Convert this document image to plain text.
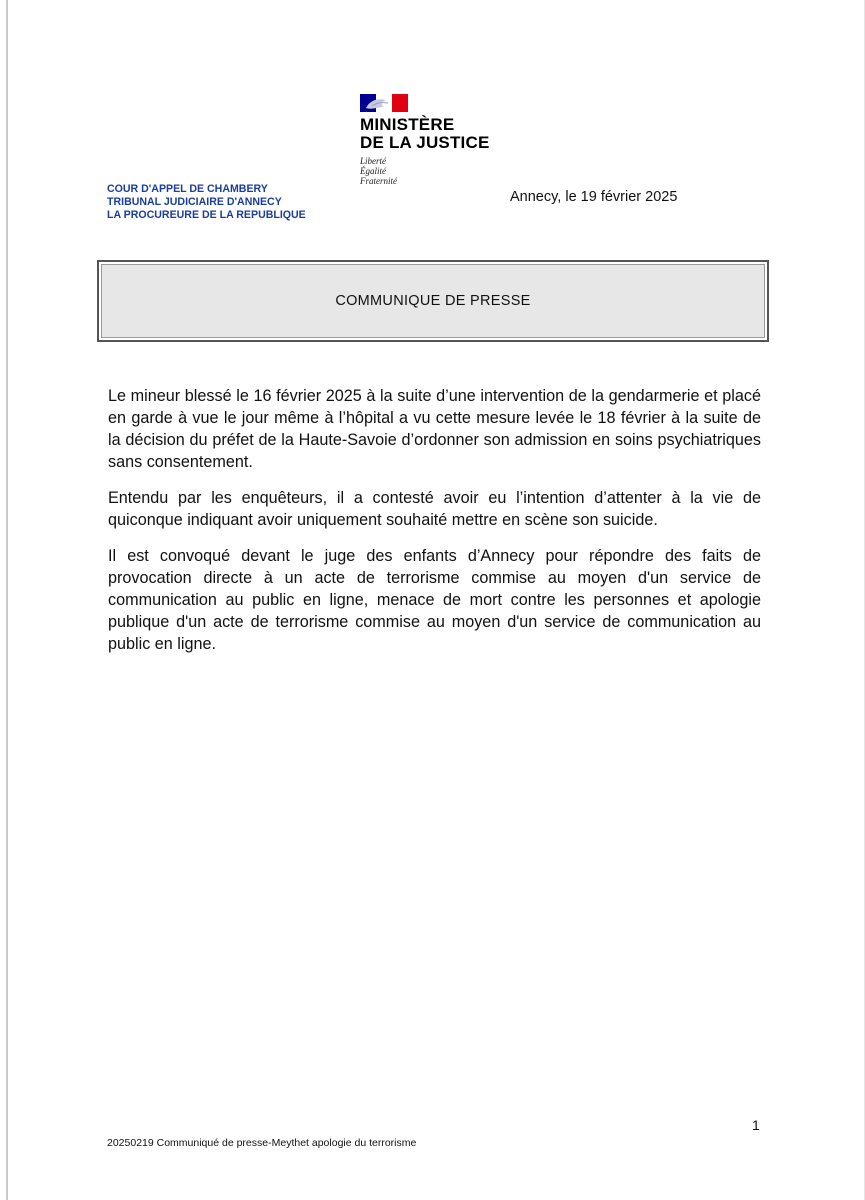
MINISTÈRE
DE LA JUSTICE
Liberté
Égalité
Fraternité
COUR D'APPEL DE CHAMBERY
TRIBUNAL JUDICIAIRE D'ANNECY
LA PROCUREURE DE LA REPUBLIQUE
Annecy, le 19 février 2025
COMMUNIQUE DE PRESSE

Le mineur blessé le 16 février 2025 à la suite d’une intervention de la gendarmerie et placé en garde à vue le jour même à l’hôpital a vu cette mesure levée le 18 février à la suite de la décision du préfet de la Haute-Savoie d’ordonner son admission en soins psychiatriques sans consentement.

Entendu par les enquêteurs, il a contesté avoir eu l’intention d’attenter à la vie de quiconque indiquant avoir uniquement souhaité mettre en scène son suicide.

Il est convoqué devant le juge des enfants d’Annecy pour répondre des faits de provocation directe à un acte de terrorisme commise au moyen d'un service de communication au public en ligne, menace de mort contre les personnes et apologie publique d'un acte de terrorisme commise au moyen d'un service de communication au public en ligne.

1
20250219 Communiqué de presse-Meythet apologie du terrorisme
